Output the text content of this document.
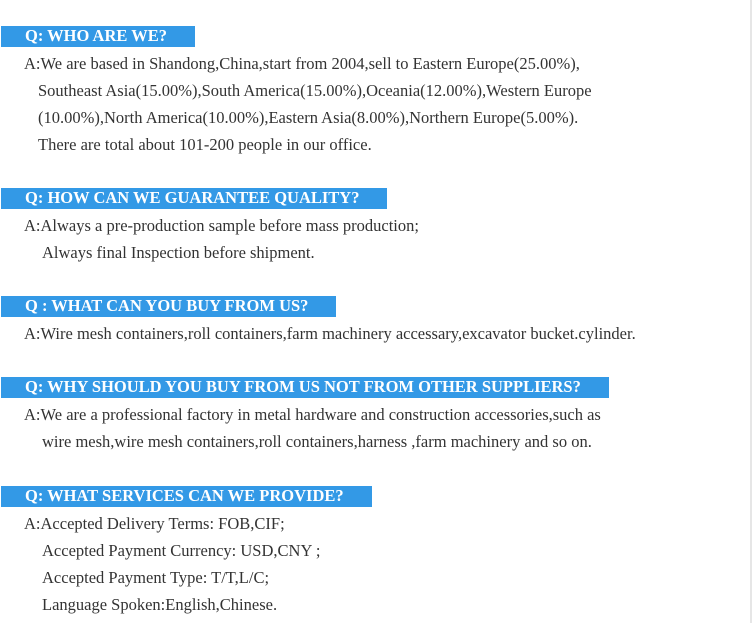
Q: WHO ARE WE?
A:We are based in Shandong,China,start from 2004,sell to Eastern Europe(25.00%),
Southeast Asia(15.00%),South America(15.00%),Oceania(12.00%),Western Europe
(10.00%),North America(10.00%),Eastern Asia(8.00%),Northern Europe(5.00%).
There are total about 101-200 people in our office.
Q: HOW CAN WE GUARANTEE QUALITY?
A:Always a pre-production sample before mass production;
Always final Inspection before shipment.
Q : WHAT CAN YOU BUY FROM US?
A:Wire mesh containers,roll containers,farm machinery accessary,excavator bucket.cylinder.
Q: WHY SHOULD YOU BUY FROM US NOT FROM OTHER SUPPLIERS?
A:We are a professional factory in metal hardware and construction accessories,such as
wire mesh,wire mesh containers,roll containers,harness ,farm machinery and so on.
Q: WHAT SERVICES CAN WE PROVIDE?
A:Accepted Delivery Terms: FOB,CIF;
Accepted Payment Currency: USD,CNY ;
Accepted Payment Type: T/T,L/C;
Language Spoken:English,Chinese.
